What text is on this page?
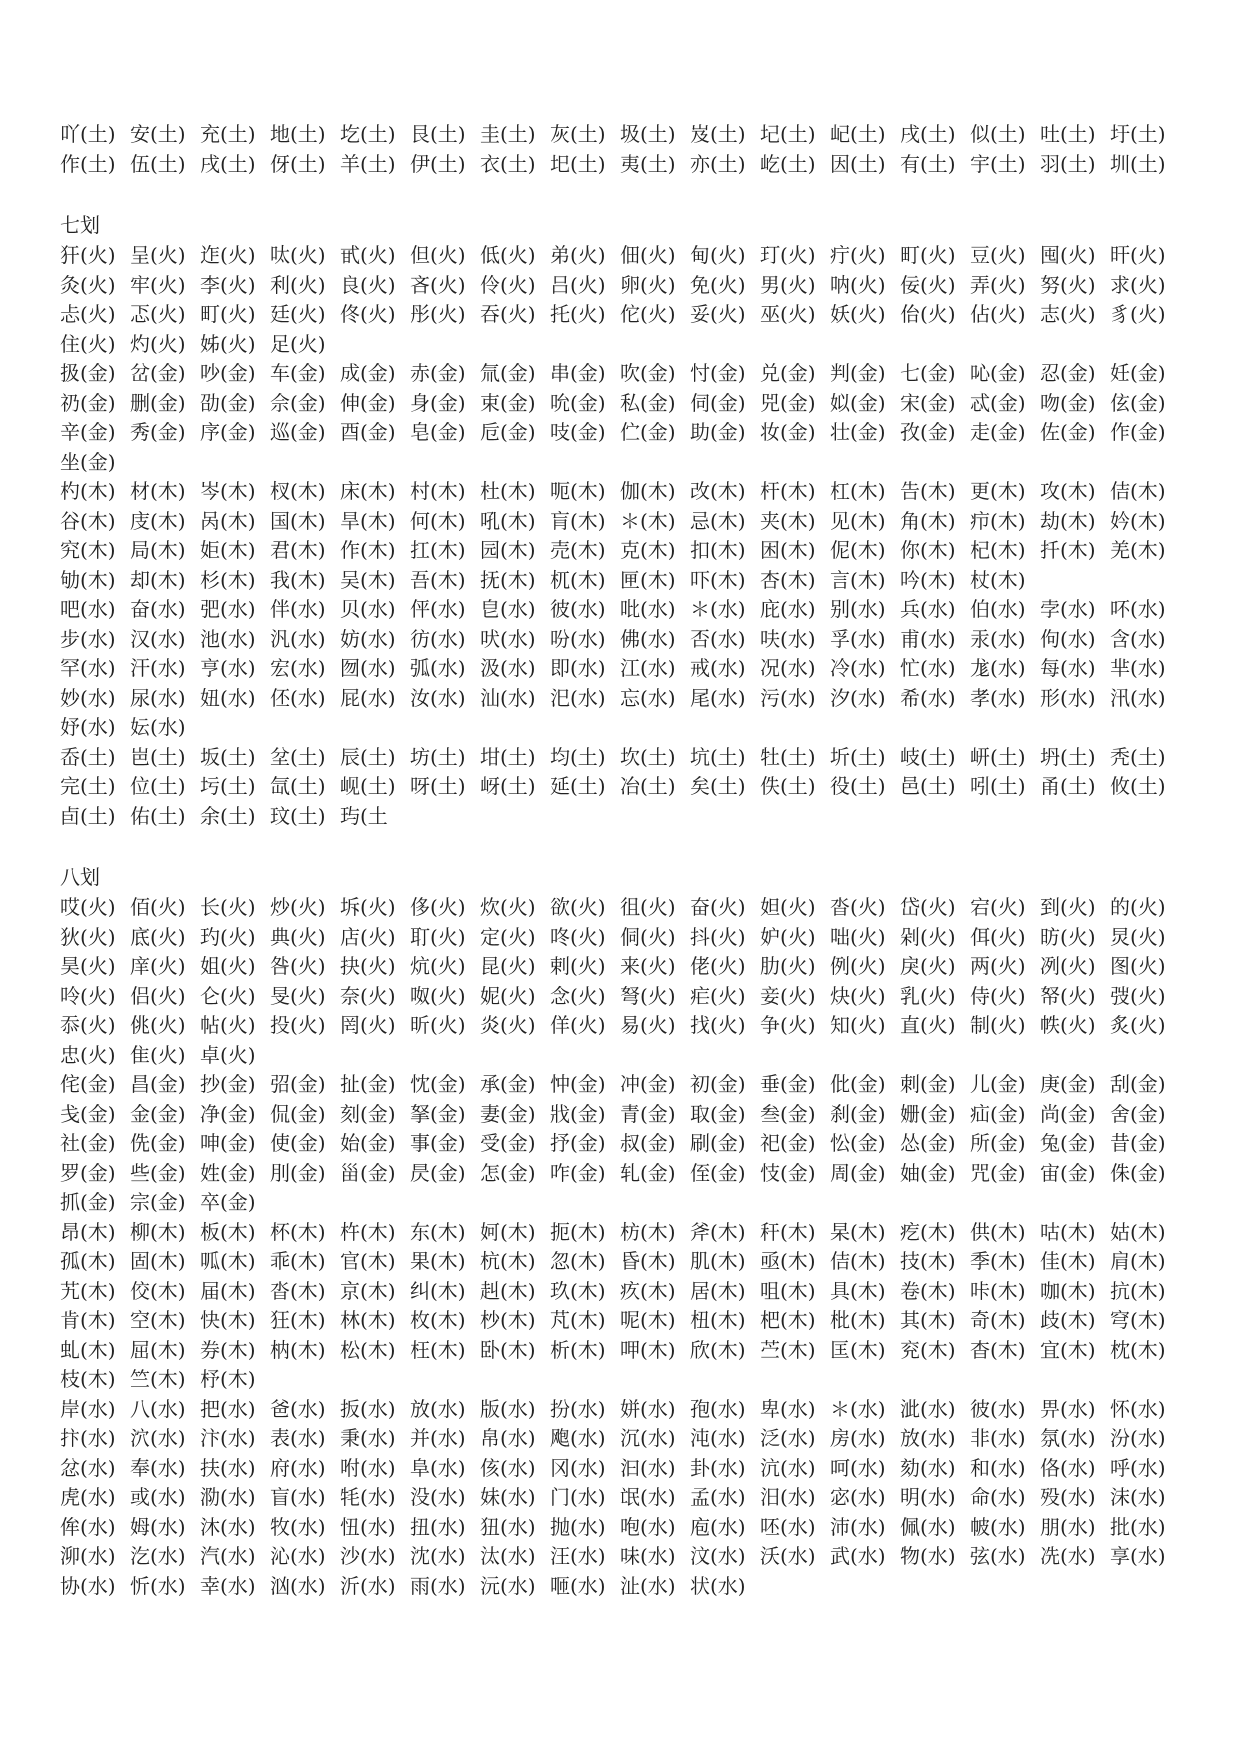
吖(土) 安(土) 充(土) 地(土) 圪(土) 艮(土) 圭(土) 灰(土) 圾(土) 岌(土) 圮(土) 屺(土) 戌(土) 似(土) 吐(土) 圩(土)
作(土) 伍(土) 戌(土) 伢(土) 羊(土) 伊(土) 衣(土) 圯(土) 夷(土) 亦(土) 屹(土) 因(土) 有(土) 宇(土) 羽(土) 圳(土)
七划
犴(火) 呈(火) 迮(火) 呔(火) 甙(火) 但(火) 低(火) 弟(火) 佃(火) 甸(火) 玎(火) 疔(火) 町(火) 豆(火) 囤(火) 旰(火)
灸(火) 牢(火) 李(火) 利(火) 良(火) 吝(火) 伶(火) 吕(火) 卵(火) 免(火) 男(火) 呐(火) 佞(火) 弄(火) 努(火) 求(火)
忐(火) 忑(火) 町(火) 廷(火) 佟(火) 彤(火) 吞(火) 托(火) 佗(火) 妥(火) 巫(火) 妖(火) 佁(火) 佔(火) 志(火) 豸(火)
住(火) 灼(火) 姊(火) 足(火)
扱(金) 岔(金) 吵(金) 车(金) 成(金) 赤(金) 氚(金) 串(金) 吹(金) 忖(金) 兑(金) 判(金) 七(金) 吣(金) 忍(金) 妊(金)
礽(金) 删(金) 劭(金) 佘(金) 伸(金) 身(金) 束(金) 吮(金) 私(金) 伺(金) 兕(金) 姒(金) 宋(金) 忒(金) 吻(金) 伭(金)
辛(金) 秀(金) 序(金) 巡(金) 酉(金) 皂(金) 卮(金) 吱(金) 伫(金) 助(金) 妆(金) 壮(金) 孜(金) 走(金) 佐(金) 作(金)
坐(金)
杓(木) 材(木) 岑(木) 杈(木) 床(木) 村(木) 杜(木) 呃(木) 伽(木) 改(木) 杆(木) 杠(木) 告(木) 更(木) 攻(木) 佶(木)
谷(木) 庋(木) 呙(木) 国(木) 旱(木) 何(木) 吼(木) 肓(木) ＊(木) 忌(木) 夹(木) 见(木) 角(木) 疖(木) 劫(木) 妗(木)
究(木) 局(木) 姖(木) 君(木) 作(木) 扛(木) 园(木) 売(木) 克(木) 扣(木) 困(木) 伲(木) 你(木) 杞(木) 扦(木) 羌(木)
劬(木) 却(木) 杉(木) 我(木) 吴(木) 吾(木) 抚(木) 杌(木) 匣(木) 吓(木) 杏(木) 言(木) 吟(木) 杖(木)
吧(水) 奋(水) 弝(水) 伴(水) 贝(水) 伻(水) 皀(水) 彼(水) 吡(水) ＊(水) 庇(水) 别(水) 兵(水) 伯(水) 孛(水) 吥(水)
步(水) 汉(水) 池(水) 汎(水) 妨(水) 彷(水) 吠(水) 吩(水) 佛(水) 否(水) 呋(水) 孚(水) 甫(水) 汞(水) 佝(水) 含(水)
罕(水) 汗(水) 亨(水) 宏(水) 囫(水) 弧(水) 汲(水) 即(水) 江(水) 戒(水) 况(水) 冷(水) 忙(水) 尨(水) 每(水) 芈(水)
妙(水) 尿(水) 妞(水) 伾(水) 屁(水) 汝(水) 汕(水) 汜(水) 忘(水) 尾(水) 污(水) 汐(水) 希(水) 孝(水) 形(水) 汛(水)
妤(水) 妘(水)
岙(土) 岜(土) 坂(土) 坌(土) 辰(土) 坊(土) 坩(土) 均(土) 坎(土) 坑(土) 牡(土) 圻(土) 岐(土) 岍(土) 坍(土) 秃(土)
完(土) 位(土) 圬(土) 氙(土) 岘(土) 呀(土) 岈(土) 延(土) 冶(土) 矣(土) 佚(土) 役(土) 邑(土) 吲(土) 甬(土) 攸(土)
卣(土) 佑(土) 余(土) 玟(土) 玙(土
八划
哎(火) 佰(火) 长(火) 炒(火) 坼(火) 侈(火) 炊(火) 欲(火) 徂(火) 奋(火) 妲(火) 沓(火) 岱(火) 宕(火) 到(火) 的(火)
狄(火) 底(火) 玓(火) 典(火) 店(火) 耵(火) 定(火) 咚(火) 侗(火) 抖(火) 妒(火) 咄(火) 剁(火) 佴(火) 昉(火) 炅(火)
昊(火) 庠(火) 姐(火) 咎(火) 抉(火) 炕(火) 昆(火) 剌(火) 来(火) 佬(火) 肋(火) 例(火) 戾(火) 两(火) 冽(火) 图(火)
呤(火) 侣(火) 仑(火) 旻(火) 奈(火) 呶(火) 妮(火) 念(火) 弩(火) 疟(火) 妾(火) 炔(火) 乳(火) 侍(火) 帑(火) 弢(火)
忝(火) 佻(火) 帖(火) 投(火) 罔(火) 昕(火) 炎(火) 佯(火) 易(火) 找(火) 争(火) 知(火) 直(火) 制(火) 帙(火) 炙(火)
忠(火) 隹(火) 卓(火)
侘(金) 昌(金) 抄(金) 弨(金) 扯(金) 忱(金) 承(金) 忡(金) 冲(金) 初(金) 垂(金) 仳(金) 刺(金) 儿(金) 庚(金) 刮(金)
戋(金) 金(金) 净(金) 侃(金) 刻(金) 拏(金) 妻(金) 戕(金) 青(金) 取(金) 叁(金) 刹(金) 姗(金) 疝(金) 尚(金) 舍(金)
社(金) 侁(金) 呻(金) 使(金) 始(金) 事(金) 受(金) 抒(金) 叔(金) 刷(金) 祀(金) 忪(金) 怂(金) 所(金) 兔(金) 昔(金)
罗(金) 些(金) 姓(金) 刖(金) 甾(金) 昃(金) 怎(金) 咋(金) 轧(金) 侄(金) 忮(金) 周(金) 妯(金) 咒(金) 宙(金) 侏(金)
抓(金) 宗(金) 卒(金)
昂(木) 柳(木) 板(木) 杯(木) 杵(木) 东(木) 妸(木) 扼(木) 枋(木) 斧(木) 秆(木) 杲(木) 疙(木) 供(木) 咕(木) 姑(木)
孤(木) 固(木) 呱(木) 乖(木) 官(木) 果(木) 杭(木) 忽(木) 昏(木) 肌(木) 亟(木) 佶(木) 技(木) 季(木) 佳(木) 肩(木)
艽(木) 佼(木) 届(木) 沓(木) 京(木) 纠(木) 赳(木) 玖(木) 疚(木) 居(木) 咀(木) 具(木) 卷(木) 咔(木) 咖(木) 抗(木)
肯(木) 空(木) 快(木) 狂(木) 林(木) 枚(木) 杪(木) 芃(木) 呢(木) 杻(木) 杷(木) 枇(木) 其(木) 奇(木) 歧(木) 穹(木)
虬(木) 屈(木) 券(木) 枘(木) 松(木) 枉(木) 卧(木) 析(木) 呷(木) 欣(木) 苎(木) 匡(木) 兖(木) 杳(木) 宜(木) 枕(木)
枝(木) 竺(木) 杼(木)
岸(水) 八(水) 把(水) 爸(水) 扳(水) 放(水) 版(水) 扮(水) 姘(水) 孢(水) 卑(水) ＊(水) 泚(水) 彼(水) 畀(水) 怀(水)
抃(水) 泬(水) 汴(水) 表(水) 秉(水) 并(水) 帛(水) 飑(水) 沉(水) 沌(水) 泛(水) 房(水) 放(水) 非(水) 氛(水) 汾(水)
忿(水) 奉(水) 扶(水) 府(水) 咐(水) 阜(水) 侅(水) 冈(水) 汩(水) 卦(水) 沆(水) 呵(水) 劾(水) 和(水) 佫(水) 呼(水)
虎(水) 或(水) 泐(水) 盲(水) 牦(水) 没(水) 妹(水) 门(水) 氓(水) 孟(水) 汨(水) 宓(水) 明(水) 命(水) 殁(水) 沫(水)
侔(水) 姆(水) 沐(水) 牧(水) 忸(水) 扭(水) 狃(水) 抛(水) 咆(水) 庖(水) 呸(水) 沛(水) 佩(水) 帔(水) 朋(水) 批(水)
泖(水) 汔(水) 汽(水) 沁(水) 沙(水) 沈(水) 汰(水) 汪(水) 味(水) 汶(水) 沃(水) 武(水) 物(水) 弦(水) 冼(水) 享(水)
协(水) 忻(水) 幸(水) 汹(水) 沂(水) 雨(水) 沅(水) 咂(水) 沚(水) 状(水)
